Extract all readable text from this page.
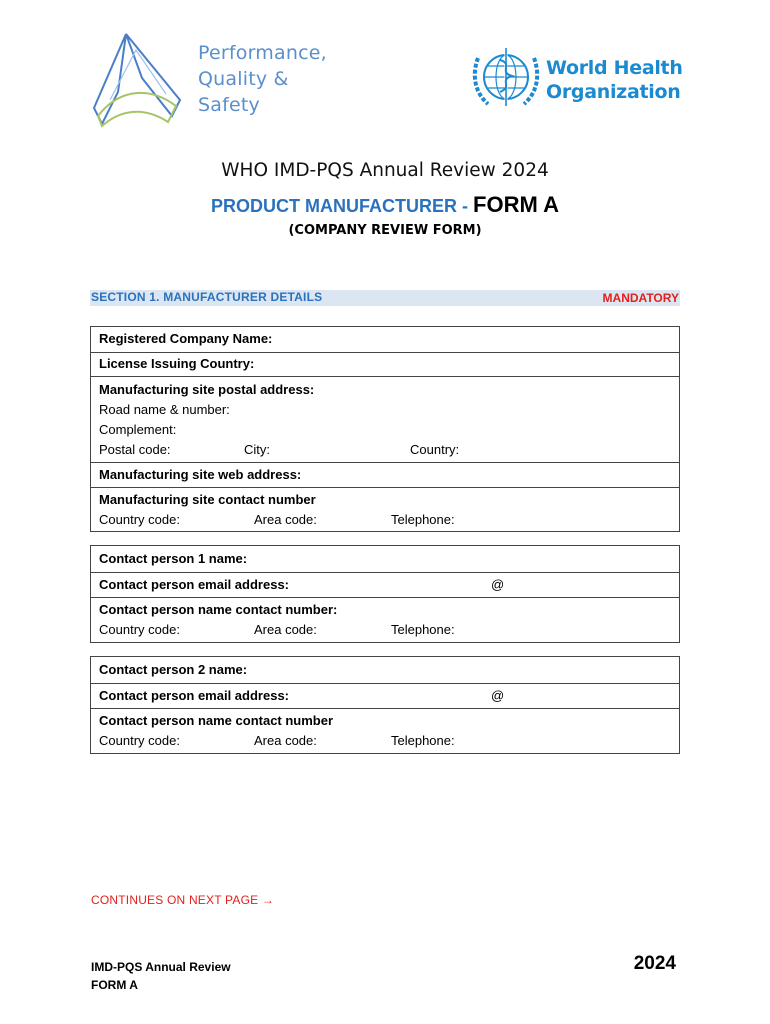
Performance,
Quality &
Safety
World Health
Organization
WHO IMD-PQS Annual Review 2024
PRODUCT MANUFACTURER - FORM A
(COMPANY REVIEW FORM)
SECTION 1. MANUFACTURER DETAILS	MANDATORY
Registered Company Name:
License Issuing Country:
Manufacturing site postal address:
Road name & number:
Complement:
Postal code:	City:	Country:
Manufacturing site web address:
Manufacturing site contact number
Country code:	Area code:	Telephone:
Contact person 1 name:
Contact person email address:	@
Contact person name contact number:
Country code:	Area code:	Telephone:
Contact person 2 name:
Contact person email address:	@
Contact person name contact number
Country code:	Area code:	Telephone:
CONTINUES ON NEXT PAGE →
IMD-PQS Annual Review
FORM A
2024
